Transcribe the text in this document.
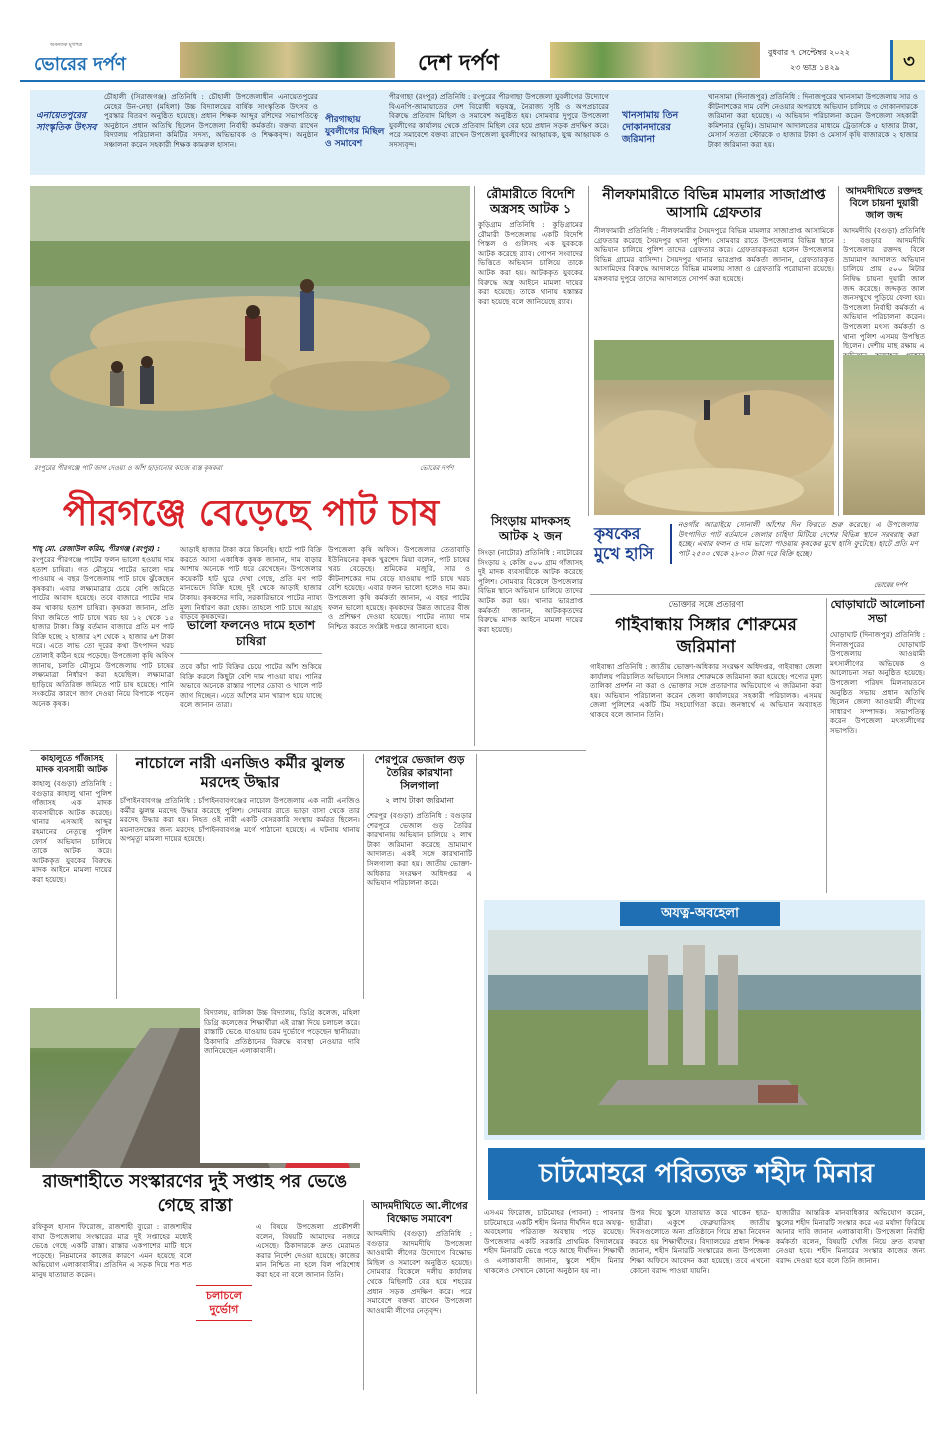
অবনতক মুখপত্র
ভোরের দর্পণ	দেশ দর্পণ	বুধবার ৭ সেপ্টেম্বর ২০২২
২৩ ভাদ্র ১৪২৯	৩
এনায়েতপুরের সাংস্কৃতিক উৎসব
চৌহালী (সিরাজগঞ্জ) প্রতিনিধি : চৌহালী উপজেলাধীন এনায়েতপুরের মেহের উন-নেছা (মহিলা) উচ্চ বিদ্যালয়ের বার্ষিক সাংস্কৃতিক উৎসব ও পুরস্কার বিতরণ অনুষ্ঠিত হয়েছে। প্রধান শিক্ষক আব্দুর রশিদের সভাপতিত্বে অনুষ্ঠানে প্রধান অতিথি ছিলেন উপজেলা নির্বাহী কর্মকর্তা। বক্তব্য রাখেন বিদ্যালয় পরিচালনা কমিটির সদস্য, অভিভাবক ও শিক্ষকবৃন্দ। অনুষ্ঠান সঞ্চালনা করেন সহকারী শিক্ষক কামরুল হাসান।
পীরগাছায় যুবলীগের মিছিল ও সমাবেশ
পীরগাছা (রংপুর) প্রতিনিধি : রংপুরের পীরগাছা উপজেলা যুবলীগের উদ্যোগে বিএনপি-জামায়াতের দেশ বিরোধী ষড়যন্ত্র, নৈরাজ্য সৃষ্টি ও অপপ্রচারের বিরুদ্ধে প্রতিবাদ মিছিল ও সমাবেশ অনুষ্ঠিত হয়। সোমবার দুপুরে উপজেলা যুবলীগের কার্যালয় থেকে প্রতিবাদ মিছিল বের হয়ে প্রধান সড়ক প্রদক্ষিণ করে। পরে সমাবেশে বক্তব্য রাখেন উপজেলা যুবলীগের আহ্বায়ক, যুগ্ম আহ্বায়ক ও সদস্যবৃন্দ।
খানসামায় তিন দোকানদারের জরিমানা
খানসামা (দিনাজপুর) প্রতিনিধি : দিনাজপুরের খানসামা উপজেলায় সার ও কীটনাশকের দাম বেশি নেওয়ার অপরাধে অভিযান চালিয়ে ৩ দোকানদারকে জরিমানা করা হয়েছে। এ অভিযান পরিচালনা করেন উপজেলা সহকারী কমিশনার (ভূমি)। ভ্রাম্যমাণ আদালতের মাধ্যমে ট্রেডার্সকে ৫ হাজার টাকা, মেসার্স সততা স্টোরকে ৩ হাজার টাকা ও মেসার্স কৃষি বাজারকে ২ হাজার টাকা জরিমানা করা হয়।
রংপুরের পীরগঞ্জে পাট জাগ দেওয়া ও আঁশ ছাড়ানোর কাজে ব্যস্ত কৃষকরা	ভোরের দর্পণ
পীরগঞ্জে বেড়েছে পাট চাষ
শাহ্ মো. রেজাউল করিম, পীরগঞ্জ (রংপুর) :
রংপুরের পীরগঞ্জে পাটের ফলন ভালো হওয়ায় দাম হতাশ চাষিরা। গত মৌসুমে পাটের ভালো দাম পাওয়ায় এ বছর উপজেলায় পাট চাষে ঝুঁকেছেন কৃষকরা। এবার লক্ষ্যমাত্রার চেয়ে বেশি জমিতে পাটের আবাদ হয়েছে। তবে বাজারে পাটের দাম কম থাকায় হতাশ চাষিরা। কৃষকরা জানান, প্রতি বিঘা জমিতে পাট চাষে খরচ হয় ১২ থেকে ১৫ হাজার টাকা। কিন্তু বর্তমান বাজারে প্রতি মণ পাট বিক্রি হচ্ছে ২ হাজার ২শ থেকে ২ হাজার ৬শ টাকা দরে। এতে লাভ তো দূরের কথা উৎপাদন খরচ তোলাই কঠিন হয়ে পড়েছে। উপজেলা কৃষি অফিস জানায়, চলতি মৌসুমে উপজেলায় পাট চাষের লক্ষ্যমাত্রা নির্ধারণ করা হয়েছিল। লক্ষ্যমাত্রা ছাড়িয়ে অতিরিক্ত জমিতে পাট চাষ হয়েছে। পানি সংকটের কারণে জাগ দেওয়া নিয়ে বিপাকে পড়েন অনেক কৃষক।
আড়াই হাজার টাকা করে কিনেছি। হাটে পাট বিক্রি করতে আসা একাধিক কৃষক জানান, দাম বাড়ার আশায় অনেকে পাট ধরে রেখেছেন। উপজেলার কয়েকটি হাট ঘুরে দেখা গেছে, প্রতি মণ পাট মানভেদে বিক্রি হচ্ছে দুই থেকে আড়াই হাজার টাকায়। কৃষকদের দাবি, সরকারিভাবে পাটের ন্যায্য মূল্য নির্ধারণ করা হোক। তাহলে পাট চাষে আগ্রহ বাড়বে কৃষকদের।
ভালো ফলনেও দামে হতাশ চাষিরা
তবে কাঁচা পাট বিক্রির চেয়ে পাটের আঁশ শুকিয়ে বিক্রি করলে কিছুটা বেশি দাম পাওয়া যায়। পানির অভাবে অনেকে রাস্তার পাশের ডোবা ও খালে পাট জাগ দিচ্ছেন। এতে আঁশের মান খারাপ হয়ে যাচ্ছে বলে জানান তারা।
উপজেলা কৃষি অফিস। উপজেলার তেতাবাড়ি ইউনিয়নের কৃষক খুরশেদ মিয়া বলেন, পাট চাষের খরচ বেড়েছে। শ্রমিকের মজুরি, সার ও কীটনাশকের দাম বেড়ে যাওয়ায় পাট চাষে খরচ বেশি হয়েছে। এবার ফলন ভালো হলেও দাম কম। উপজেলা কৃষি কর্মকর্তা জানান, এ বছর পাটের ফলন ভালো হয়েছে। কৃষকদের উন্নত জাতের বীজ ও প্রশিক্ষণ দেওয়া হয়েছে। পাটের ন্যায্য দাম নিশ্চিত করতে সংশ্লিষ্ট দপ্তরে জানানো হবে।
রৌমারীতে বিদেশি অস্ত্রসহ আটক ১
কুড়িগ্রাম প্রতিনিধি : কুড়িগ্রামের রৌমারী উপজেলায় একটি বিদেশি পিস্তল ও গুলিসহ এক যুবককে আটক করেছে র‌্যাব। গোপন সংবাদের ভিত্তিতে অভিযান চালিয়ে তাকে আটক করা হয়। আটককৃত যুবকের বিরুদ্ধে অস্ত্র আইনে মামলা দায়ের করা হয়েছে। তাকে থানায় হস্তান্তর করা হয়েছে বলে জানিয়েছে র‌্যাব।
সিংড়ায় মাদকসহ আটক ২ জন
সিংড়া (নাটোর) প্রতিনিধি : নাটোরের সিংড়ায় ২ কেজি ৫০০ গ্রাম গাঁজাসহ দুই মাদক ব্যবসায়ীকে আটক করেছে পুলিশ। সোমবার বিকেলে উপজেলার বিভিন্ন স্থানে অভিযান চালিয়ে তাদের আটক করা হয়। থানার ভারপ্রাপ্ত কর্মকর্তা জানান, আটককৃতদের বিরুদ্ধে মাদক আইনে মামলা দায়ের করা হয়েছে।
নীলফামারীতে বিভিন্ন মামলার সাজাপ্রাপ্ত আসামি গ্রেফতার
নীলফামারী প্রতিনিধি : নীলফামারীর সৈয়দপুরে বিভিন্ন মামলার সাজাপ্রাপ্ত আসামিকে গ্রেফতার করেছে সৈয়দপুর থানা পুলিশ। সোমবার রাতে উপজেলার বিভিন্ন স্থানে অভিযান চালিয়ে পুলিশ তাদের গ্রেফতার করে। গ্রেফতারকৃতরা হলেন উপজেলার বিভিন্ন গ্রামের বাসিন্দা। সৈয়দপুর থানার ভারপ্রাপ্ত কর্মকর্তা জানান, গ্রেফতারকৃত আসামিদের বিরুদ্ধে আদালতে বিভিন্ন মামলায় সাজা ও গ্রেফতারি পরোয়ানা রয়েছে। মঙ্গলবার দুপুরে তাদের আদালতে সোপর্দ করা হয়েছে।
আদমদীঘিতে রক্তদহ বিলে চায়না দুয়ারী জাল জব্দ
আদমদীঘি (বগুড়া) প্রতিনিধি : বগুড়ার আদমদীঘি উপজেলার রক্তদহ বিলে ভ্রাম্যমাণ আদালত অভিযান চালিয়ে প্রায় ৫০০ মিটার নিষিদ্ধ চায়না দুয়ারী জাল জব্দ করেছে। জব্দকৃত জাল জনসম্মুখে পুড়িয়ে ফেলা হয়। উপজেলা নির্বাহী কর্মকর্তা এ অভিযান পরিচালনা করেন। উপজেলা মৎস্য কর্মকর্তা ও থানা পুলিশ এসময় উপস্থিত ছিলেন। দেশীয় মাছ রক্ষায় এ
কৃষকের মুখে হাসি
নওগাঁর আত্রাইয়ে সোনালী আঁশের দিন ফিরতে শুরু করেছে। এ উপজেলায় উৎপাদিত পাট বর্তমানে জেলার চাহিদা মিটিয়ে দেশের বিভিন্ন স্থানে সরবরাহ করা হচ্ছে। এবার ফলন ও দাম ভালো পাওয়ায় কৃষকের মুখে হাসি ফুটেছে। হাটে প্রতি মণ পাট ২৫০০ থেকে ২৮০০ টাকা দরে বিক্রি হচ্ছে।
ভোরের দর্পণ
ভোক্তার সঙ্গে প্রতারণা
গাইবান্ধায় সিঙ্গার শোরুমের জরিমানা
গাইবান্ধা প্রতিনিধি : জাতীয় ভোক্তা-অধিকার সংরক্ষণ অধিদপ্তর, গাইবান্ধা জেলা কার্যালয় পরিচালিত অভিযানে সিঙ্গার শোরুমকে জরিমানা করা হয়েছে। পণ্যের মূল্য তালিকা প্রদর্শন না করা ও ভোক্তার সঙ্গে প্রতারণার অভিযোগে এ জরিমানা করা হয়। অভিযান পরিচালনা করেন জেলা কার্যালয়ের সহকারী পরিচালক। এসময় জেলা পুলিশের একটি টিম সহযোগিতা করে। জনস্বার্থে এ অভিযান অব্যাহত থাকবে বলে জানান তিনি।
ঘোড়াঘাটে আলোচনা সভা
ঘোড়াঘাট (দিনাজপুর) প্রতিনিধি : দিনাজপুরের ঘোড়াঘাট উপজেলায় আওয়ামী মৎস্যলীগের অভিষেক ও আলোচনা সভা অনুষ্ঠিত হয়েছে। উপজেলা পরিষদ মিলনায়তনে অনুষ্ঠিত সভায় প্রধান অতিথি ছিলেন জেলা আওয়ামী লীগের সাধারণ সম্পাদক। সভাপতিত্ব করেন উপজেলা মৎস্যলীগের সভাপতি।
কাহালুতে গাঁজাসহ মাদক ব্যবসায়ী আটক
কাহালু (বগুড়া) প্রতিনিধি : বগুড়ার কাহালু থানা পুলিশ গাঁজাসহ এক মাদক ব্যবসায়ীকে আটক করেছে। থানার এসআই আব্দুর রহমানের নেতৃত্বে পুলিশ ফোর্স অভিযান চালিয়ে তাকে আটক করে। আটককৃত যুবকের বিরুদ্ধে মাদক আইনে মামলা দায়ের করা হয়েছে।
নাচোলে নারী এনজিও কর্মীর ঝুলন্ত মরদেহ উদ্ধার
চাঁপাইনবাবগঞ্জ প্রতিনিধি : চাঁপাইনবাবগঞ্জের নাচোল উপজেলায় এক নারী এনজিও কর্মীর ঝুলন্ত মরদেহ উদ্ধার করেছে পুলিশ। সোমবার রাতে ভাড়া বাসা থেকে তার মরদেহ উদ্ধার করা হয়। নিহত ওই নারী একটি বেসরকারি সংস্থায় কর্মরত ছিলেন। ময়নাতদন্তের জন্য মরদেহ চাঁপাইনবাবগঞ্জ মর্গে পাঠানো হয়েছে। এ ঘটনায় থানায় অপমৃত্যু মামলা দায়ের হয়েছে।
শেরপুরে ভেজাল গুড় তৈরির কারখানা সিলগালা
২ লাখ টাকা জরিমানা
শেরপুর (বগুড়া) প্রতিনিধি : বগুড়ার শেরপুরে ভেজাল গুড় তৈরির কারখানায় অভিযান চালিয়ে ২ লাখ টাকা জরিমানা করেছে ভ্রাম্যমাণ আদালত। একই সঙ্গে কারখানাটি সিলগালা করা হয়। জাতীয় ভোক্তা-অধিকার সংরক্ষণ অধিদপ্তর এ অভিযান পরিচালনা করে।
অযত্ন-অবহেলা
চাটমোহরে পরিত্যক্ত শহীদ মিনার
এসএম ফিরোজ, চাটমোহর (পাবনা) : পাবনার চাটমোহরে একটি শহীদ মিনার দীর্ঘদিন ধরে অযত্ন-অবহেলায় পরিত্যক্ত অবস্থায় পড়ে রয়েছে। উপজেলার একটি সরকারি প্রাথমিক বিদ্যালয়ের শহীদ মিনারটি ভেঙে পড়ে আছে দীর্ঘদিন। শিক্ষার্থী ও এলাকাবাসী জানান, স্কুলে শহীদ মিনার থাকলেও সেখানে কোনো অনুষ্ঠান হয় না।
উপর দিয়ে স্কুলে যাতায়াত করে থাকেন ছাত্র-ছাত্রীরা। একুশে ফেব্রুয়ারিসহ জাতীয় দিবসগুলোতে অন্য প্রতিষ্ঠানে গিয়ে শ্রদ্ধা নিবেদন করতে হয় শিক্ষার্থীদের। বিদ্যালয়ের প্রধান শিক্ষক জানান, শহীদ মিনারটি সংস্কারের জন্য উপজেলা শিক্ষা অফিসে আবেদন করা হয়েছে। তবে এখনো কোনো বরাদ্দ পাওয়া যায়নি।
হাজারীর আন্তরিক মানবাধিকার অভিযোগ করেন, স্কুলের শহীদ মিনারটি সংস্কার করে এর মর্যাদা ফিরিয়ে আনার দাবি জানান এলাকাবাসী। উপজেলা নির্বাহী কর্মকর্তা বলেন, বিষয়টি খোঁজ নিয়ে দ্রুত ব্যবস্থা নেওয়া হবে। শহীদ মিনারের সংস্কার কাজের জন্য বরাদ্দ দেওয়া হবে বলে তিনি জানান।
বিদ্যালয়, বালিকা উচ্চ বিদ্যালয়, ডিগ্রি কলেজ, মহিলা ডিগ্রি কলেজের শিক্ষার্থীরা এই রাস্তা দিয়ে চলাচল করে। রাস্তাটি ভেঙে যাওয়ায় চরম দুর্ভোগে পড়েছেন স্থানীয়রা। ঠিকাদারি প্রতিষ্ঠানের বিরুদ্ধে ব্যবস্থা নেওয়ার দাবি জানিয়েছেন এলাকাবাসী।
রাজশাহীতে সংস্কারণের দুই সপ্তাহ পর ভেঙে গেছে রাস্তা
রফিকুল হাসান ফিরোজ, রাজশাহী ব্যুরো : রাজশাহীর বাঘা উপজেলায় সংস্কারের মাত্র দুই সপ্তাহের মধ্যেই ভেঙে গেছে একটি রাস্তা। রাস্তার একপাশের মাটি ধসে পড়েছে। নিম্নমানের কাজের কারণে এমন হয়েছে বলে অভিযোগ এলাকাবাসীর। প্রতিদিন এ সড়ক দিয়ে শত শত মানুষ যাতায়াত করেন।
চলাচলে দুর্ভোগ
এ বিষয়ে উপজেলা প্রকৌশলী বলেন, বিষয়টি আমাদের নজরে এসেছে। ঠিকাদারকে দ্রুত মেরামত করার নির্দেশ দেওয়া হয়েছে। কাজের মান নিশ্চিত না হলে বিল পরিশোধ করা হবে না বলে জানান তিনি।
আদমদীঘিতে আ.লীগের বিক্ষোভ সমাবেশ
আদমদীঘি (বগুড়া) প্রতিনিধি : বগুড়ার আদমদীঘি উপজেলা আওয়ামী লীগের উদ্যোগে বিক্ষোভ মিছিল ও সমাবেশ অনুষ্ঠিত হয়েছে। সোমবার বিকেলে দলীয় কার্যালয় থেকে মিছিলটি বের হয়ে শহরের প্রধান সড়ক প্রদক্ষিণ করে। পরে সমাবেশে বক্তব্য রাখেন উপজেলা আওয়ামী লীগের নেতৃবৃন্দ।
